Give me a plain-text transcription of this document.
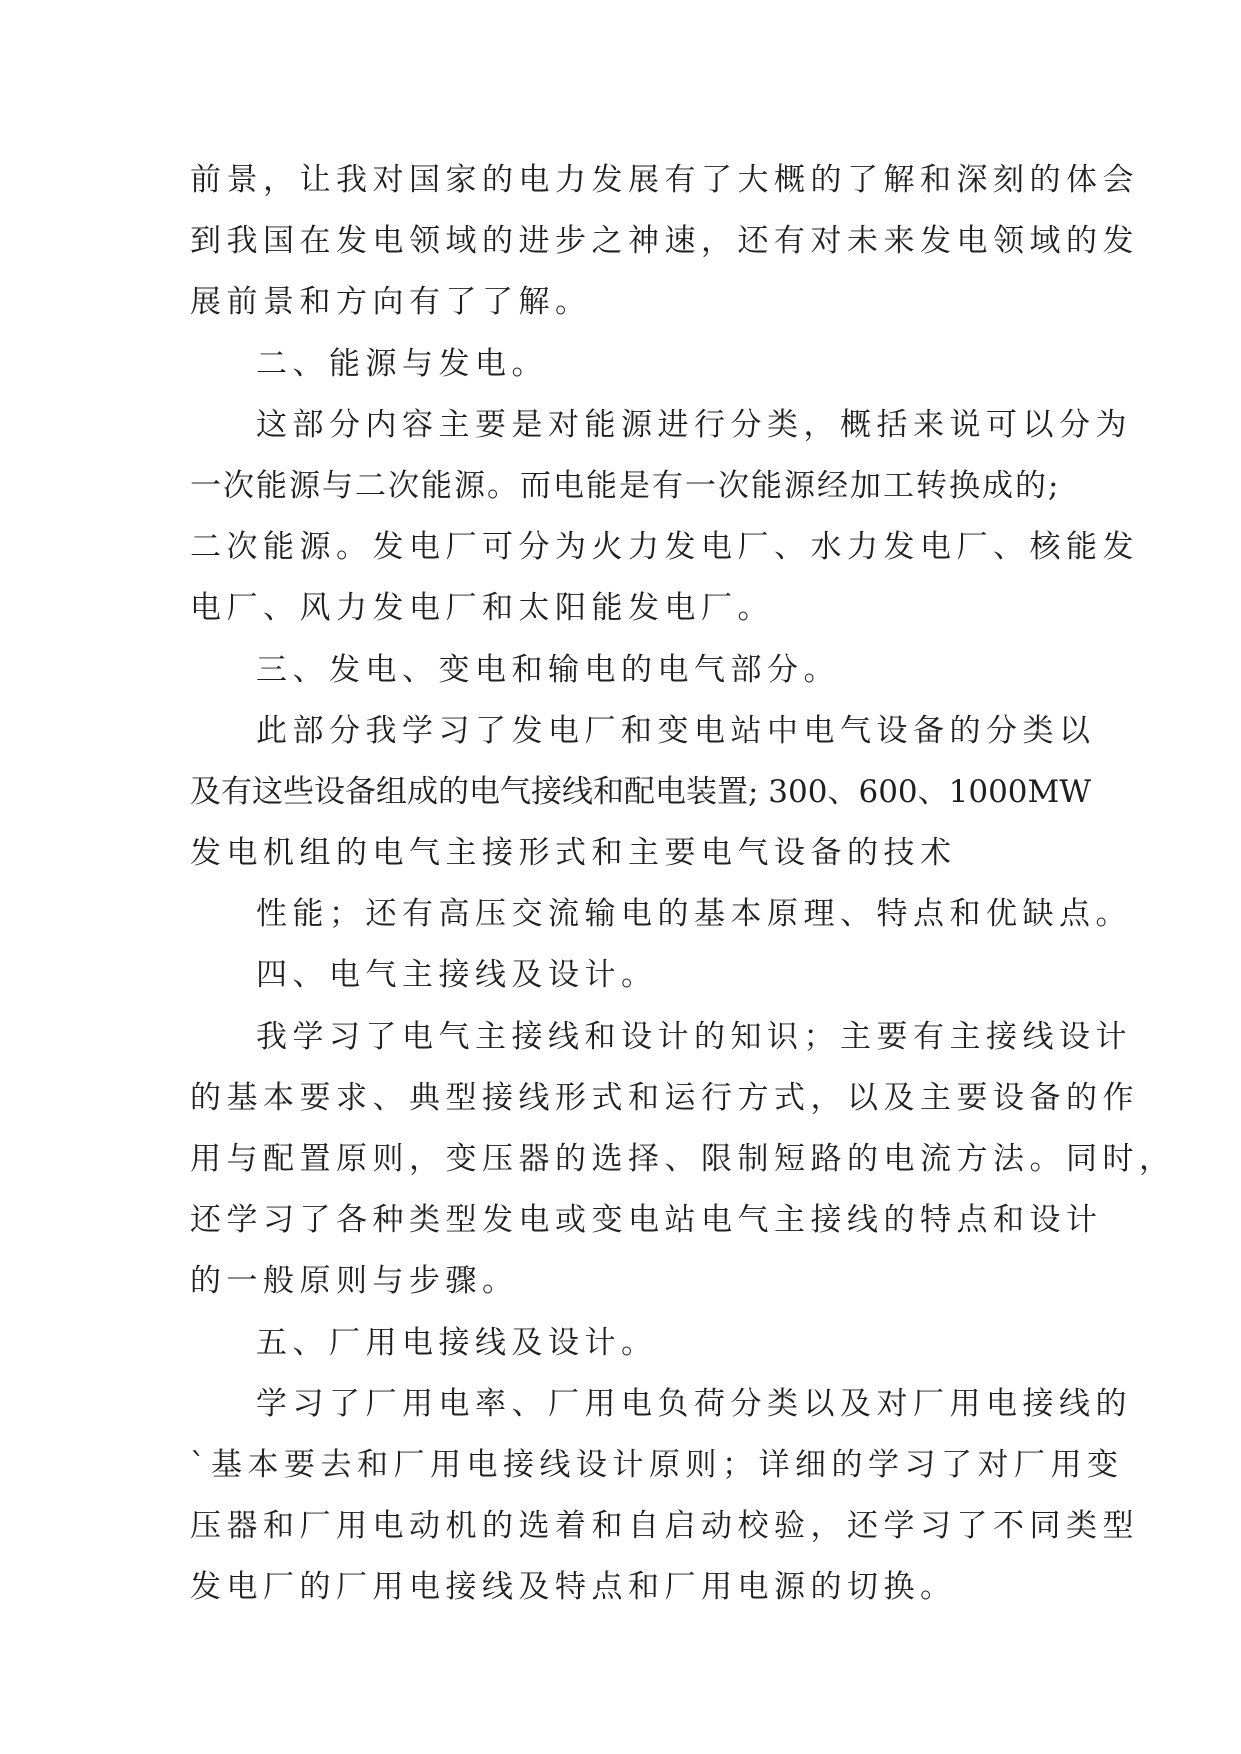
前景，让我对国家的电力发展有了大概的了解和深刻的体会
到我国在发电领域的进步之神速，还有对未来发电领域的发
展前景和方向有了了解。
二、能源与发电。
这部分内容主要是对能源进行分类，概括来说可以分为
一次能源与二次能源。而电能是有一次能源经加工转换成的;
二次能源。发电厂可分为火力发电厂、水力发电厂、核能发
电厂、风力发电厂和太阳能发电厂。
三、发电、变电和输电的电气部分。
此部分我学习了发电厂和变电站中电气设备的分类以
及有这些设备组成的电气接线和配电装置; 300、600、1000MW
发电机组的电气主接形式和主要电气设备的技术
性能；还有高压交流输电的基本原理、特点和优缺点。
四、电气主接线及设计。
我学习了电气主接线和设计的知识；主要有主接线设计
的基本要求、典型接线形式和运行方式，以及主要设备的作
用与配置原则，变压器的选择、限制短路的电流方法。同时，
还学习了各种类型发电或变电站电气主接线的特点和设计
的一般原则与步骤。
五、厂用电接线及设计。
学习了厂用电率、厂用电负荷分类以及对厂用电接线的
`基本要去和厂用电接线设计原则；详细的学习了对厂用变
压器和厂用电动机的选着和自启动校验，还学习了不同类型
发电厂的厂用电接线及特点和厂用电源的切换。
